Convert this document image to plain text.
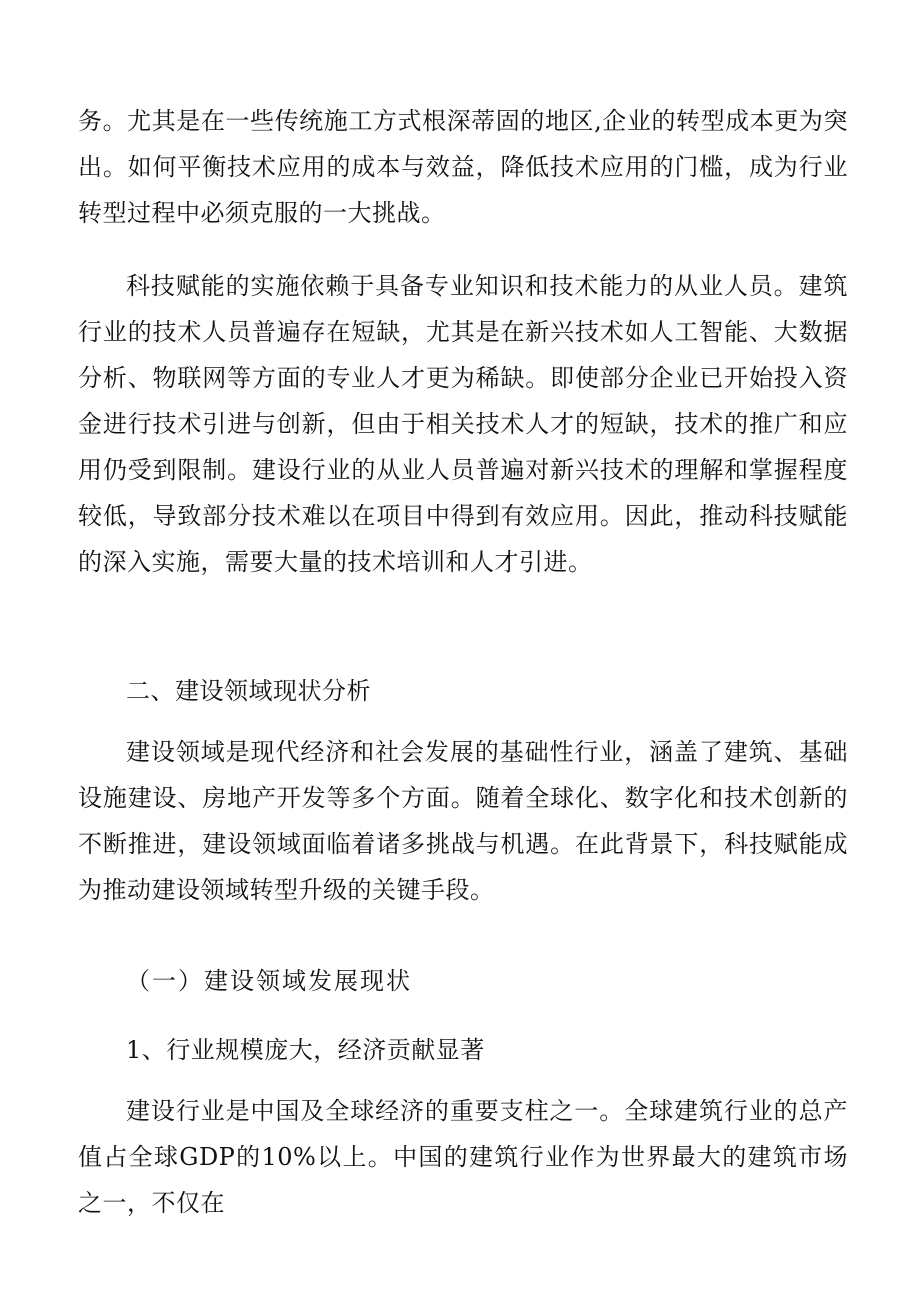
务。尤其是在一些传统施工方式根深蒂固的地区,企业的转型成本更为突出。如何平衡技术应用的成本与效益，降低技术应用的门槛，成为行业转型过程中必须克服的一大挑战。

科技赋能的实施依赖于具备专业知识和技术能力的从业人员。建筑行业的技术人员普遍存在短缺，尤其是在新兴技术如人工智能、大数据分析、物联网等方面的专业人才更为稀缺。即使部分企业已开始投入资金进行技术引进与创新，但由于相关技术人才的短缺，技术的推广和应用仍受到限制。建设行业的从业人员普遍对新兴技术的理解和掌握程度较低，导致部分技术难以在项目中得到有效应用。因此，推动科技赋能的深入实施，需要大量的技术培训和人才引进。

二、建设领域现状分析

建设领域是现代经济和社会发展的基础性行业，涵盖了建筑、基础设施建设、房地产开发等多个方面。随着全球化、数字化和技术创新的不断推进，建设领域面临着诸多挑战与机遇。在此背景下，科技赋能成为推动建设领域转型升级的关键手段。

（一）建设领域发展现状
1、行业规模庞大，经济贡献显著

建设行业是中国及全球经济的重要支柱之一。全球建筑行业的总产值占全球GDP的10%以上。中国的建筑行业作为世界最大的建筑市场之一，不仅在
